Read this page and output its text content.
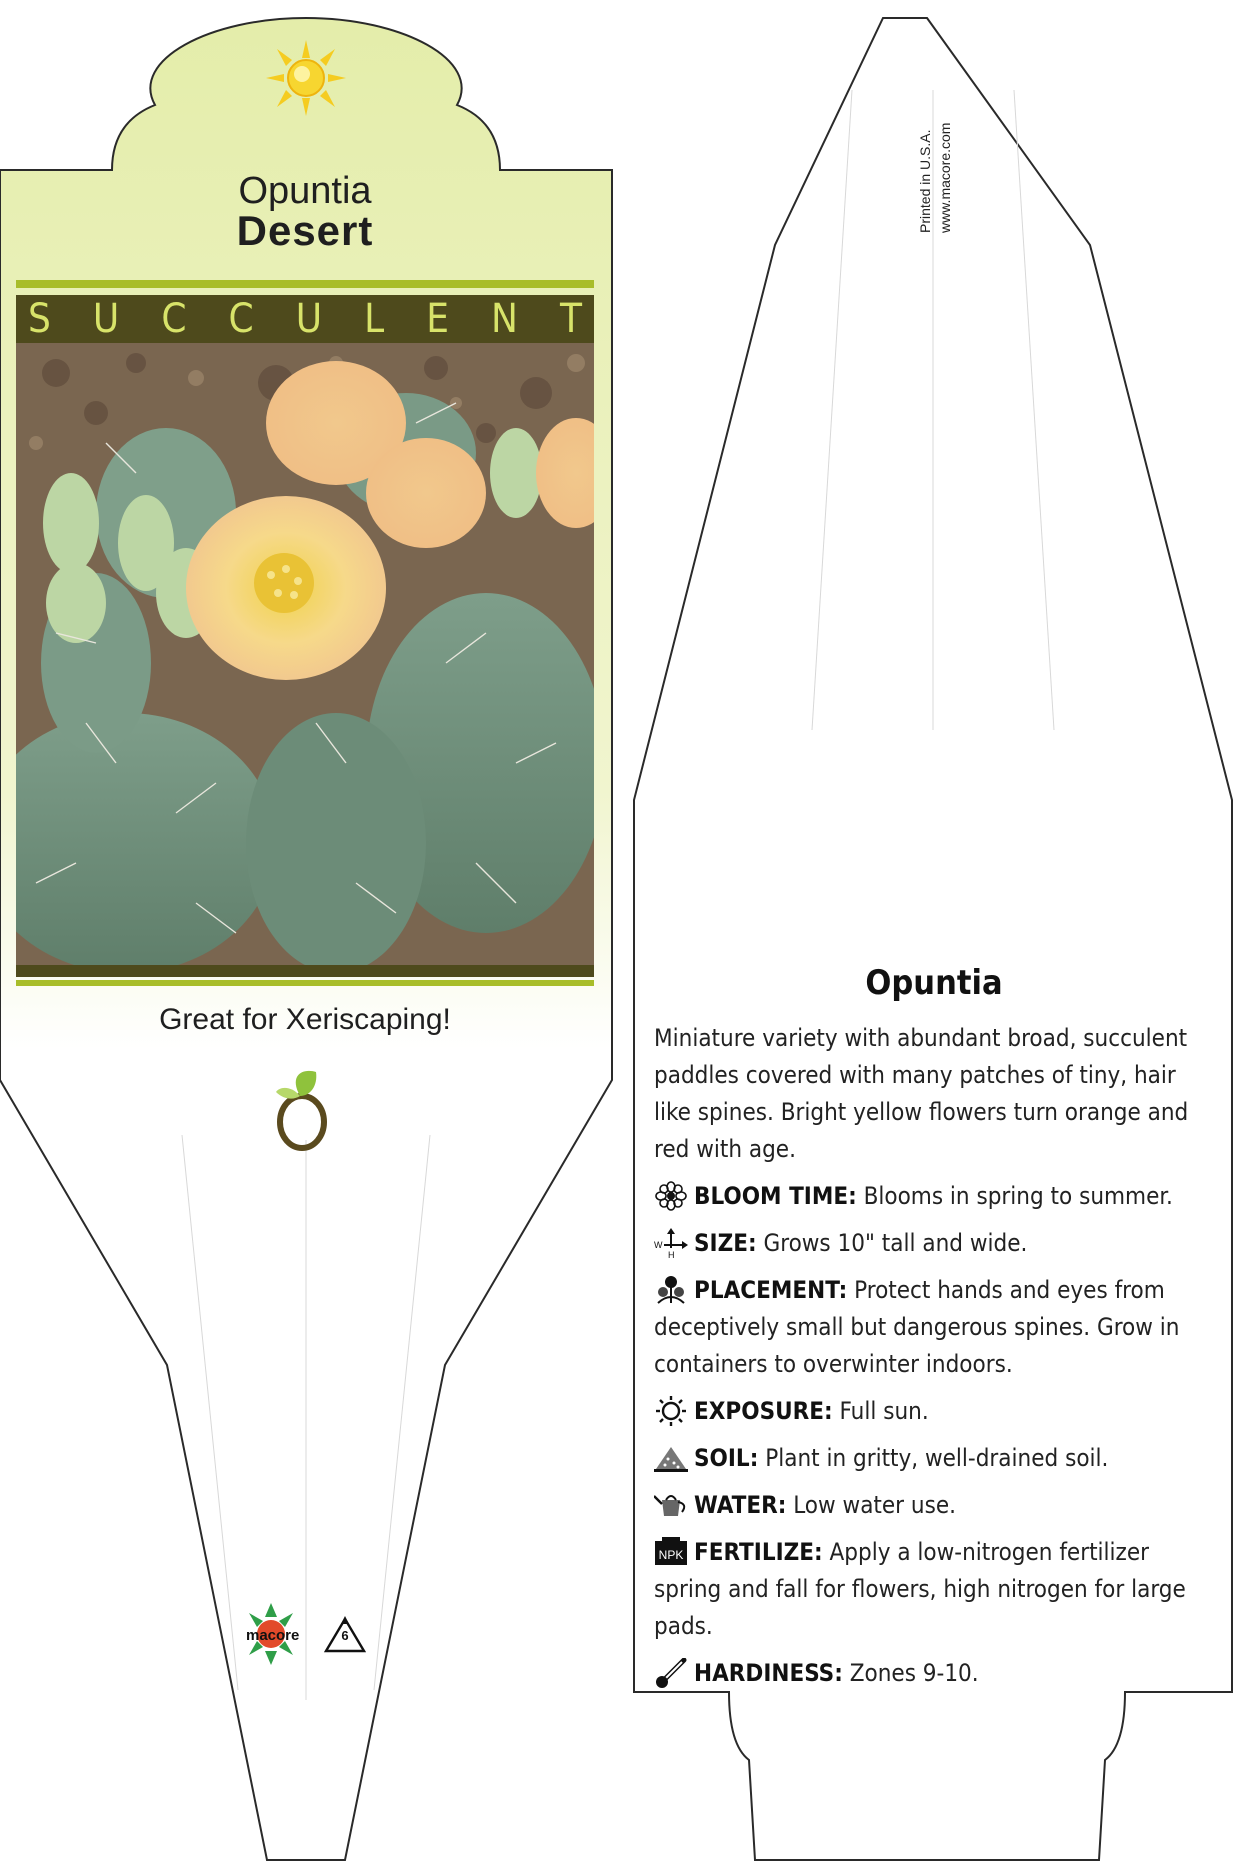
Opuntia
Desert
S U C C U L E N T
Great for Xeriscaping!
macore	6
Printed in U.S.A. www.macore.com
Opuntia

Miniature variety with abundant broad, succulent paddles covered with many patches of tiny, hair like spines. Bright yellow flowers turn orange and red with age.

BLOOM TIME: Blooms in spring to summer.

W
H SIZE: Grows 10" tall and wide.

PLACEMENT: Protect hands and eyes from deceptively small but dangerous spines. Grow in containers to overwinter indoors.

EXPOSURE: Full sun.

SOIL: Plant in gritty, well-drained soil.

WATER: Low water use.

NPK FERTILIZE: Apply a low-nitrogen fertilizer spring and fall for flowers, high nitrogen for large pads.

HARDINESS: Zones 9-10.
